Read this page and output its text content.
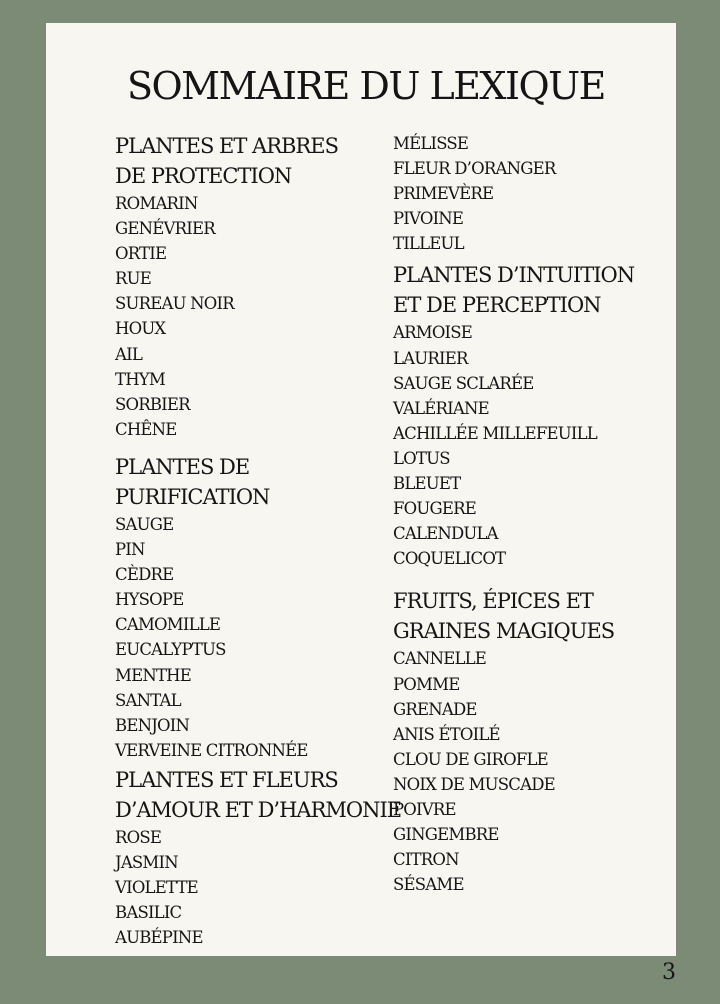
SOMMAIRE DU LEXIQUE
PLANTES ET ARBRES
DE PROTECTION
ROMARIN
GENÉVRIER
ORTIE
RUE
SUREAU NOIR
HOUX
AIL
THYM
SORBIER
CHÊNE
PLANTES DE
PURIFICATION
SAUGE
PIN
CÈDRE
HYSOPE
CAMOMILLE
EUCALYPTUS
MENTHE
SANTAL
BENJOIN
VERVEINE CITRONNÉE
PLANTES ET FLEURS
D’AMOUR ET D’HARMONIE
ROSE
JASMIN
VIOLETTE
BASILIC
AUBÉPINE
MÉLISSE
FLEUR D’ORANGER
PRIMEVÈRE
PIVOINE
TILLEUL
PLANTES D’INTUITION
ET DE PERCEPTION
ARMOISE
LAURIER
SAUGE SCLARÉE
VALÉRIANE
ACHILLÉE MILLEFEUILL
LOTUS
BLEUET
FOUGERE
CALENDULA
COQUELICOT
FRUITS, ÉPICES ET
GRAINES MAGIQUES
CANNELLE
POMME
GRENADE
ANIS ÉTOILÉ
CLOU DE GIROFLE
NOIX DE MUSCADE
POIVRE
GINGEMBRE
CITRON
SÉSAME
3
